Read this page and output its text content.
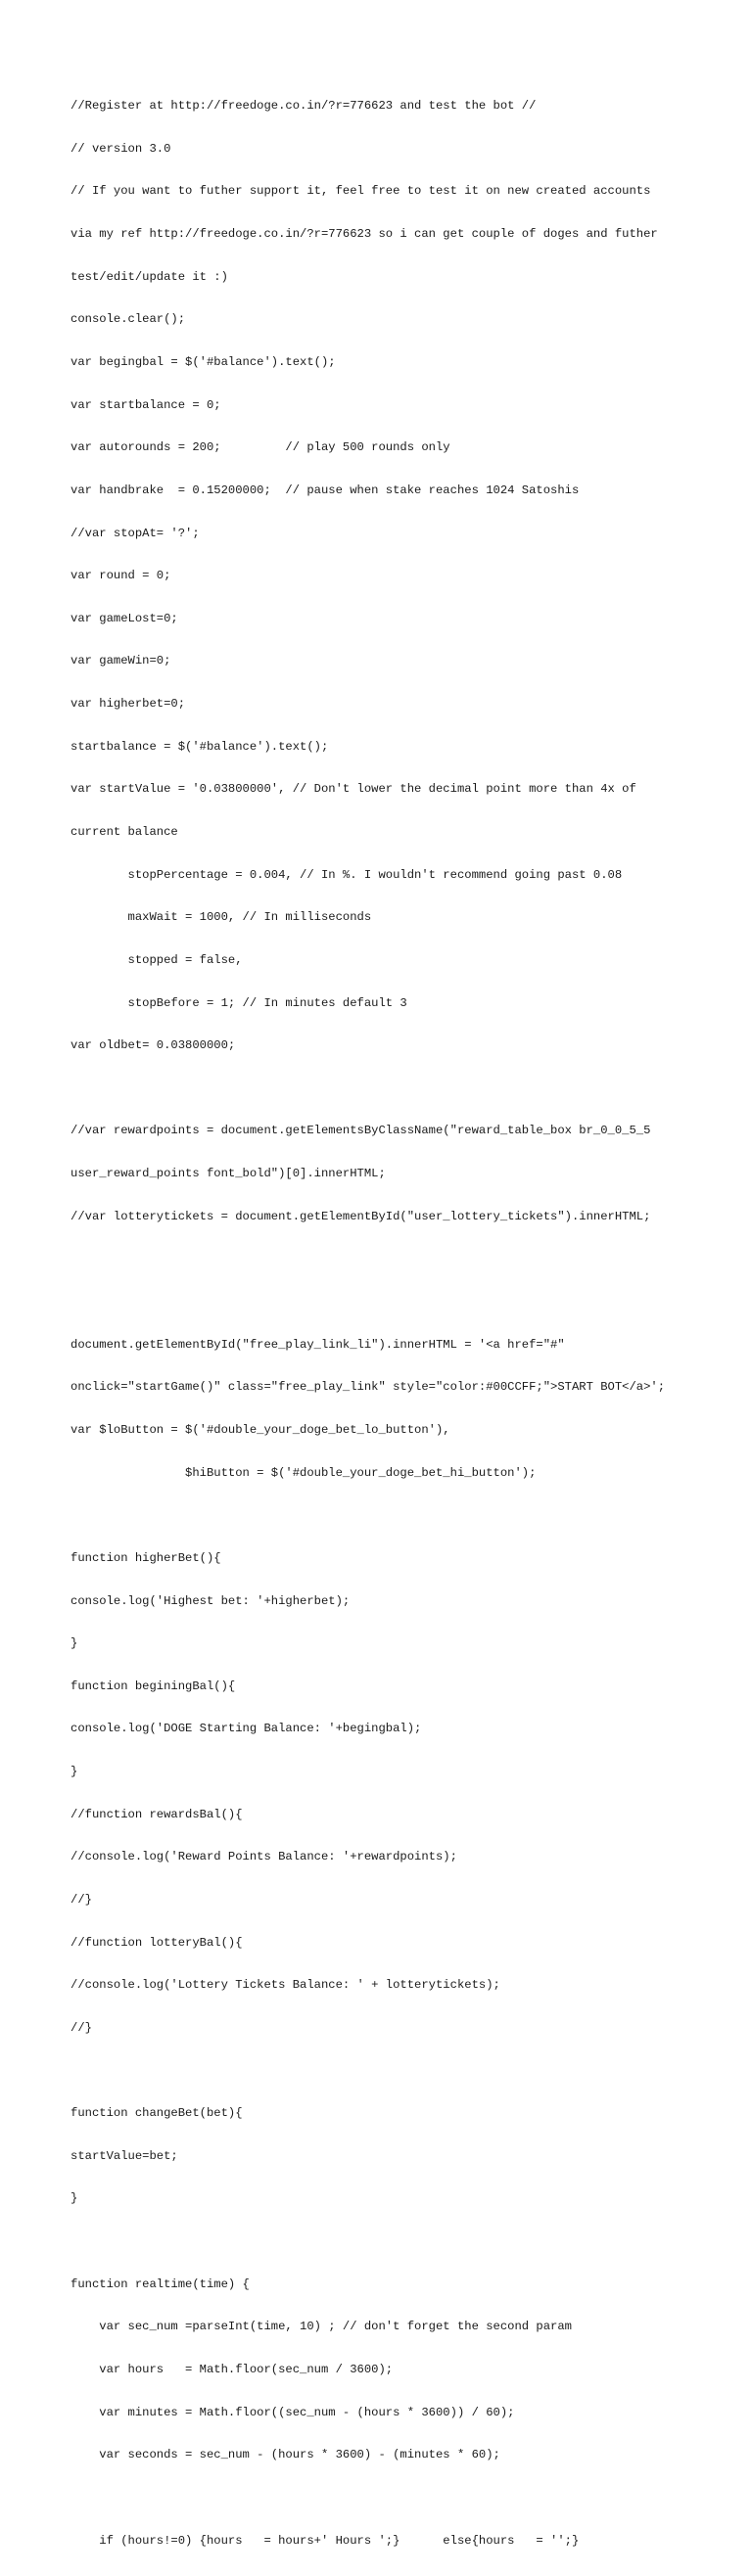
//Register at http://freedoge.co.in/?r=776623 and test the bot //

// version 3.0

// If you want to futher support it, feel free to test it on new created accounts

via my ref http://freedoge.co.in/?r=776623 so i can get couple of doges and futher

test/edit/update it :)

console.clear();

var begingbal = $('#balance').text();

var startbalance = 0;

var autorounds = 200;         // play 500 rounds only

var handbrake  = 0.15200000;  // pause when stake reaches 1024 Satoshis

//var stopAt= '?';

var round = 0;

var gameLost=0;

var gameWin=0;

var higherbet=0;

startbalance = $('#balance').text();

var startValue = '0.03800000', // Don't lower the decimal point more than 4x of

current balance

stopPercentage = 0.004, // In %. I wouldn't recommend going past 0.08

maxWait = 1000, // In milliseconds

stopped = false,

stopBefore = 1; // In minutes default 3

var oldbet= 0.03800000;

//var rewardpoints = document.getElementsByClassName("reward_table_box br_0_0_5_5

user_reward_points font_bold")[0].innerHTML;

//var lotterytickets = document.getElementById("user_lottery_tickets").innerHTML;

document.getElementById("free_play_link_li").innerHTML = '<a href="#"

onclick="startGame()" class="free_play_link" style="color:#00CCFF;">START BOT</a>';

var $loButton = $('#double_your_doge_bet_lo_button'),

$hiButton = $('#double_your_doge_bet_hi_button');

function higherBet(){

console.log('Highest bet: '+higherbet);

}

function beginingBal(){

console.log('DOGE Starting Balance: '+begingbal);

}

//function rewardsBal(){

//console.log('Reward Points Balance: '+rewardpoints);

//}

//function lotteryBal(){

//console.log('Lottery Tickets Balance: ' + lotterytickets);

//}

function changeBet(bet){

startValue=bet;

}

function realtime(time) {

var sec_num =parseInt(time, 10) ; // don't forget the second param

var hours   = Math.floor(sec_num / 3600);

var minutes = Math.floor((sec_num - (hours * 3600)) / 60);

var seconds = sec_num - (hours * 3600) - (minutes * 60);

if (hours!=0) {hours   = hours+' Hours ';}      else{hours   = '';}
